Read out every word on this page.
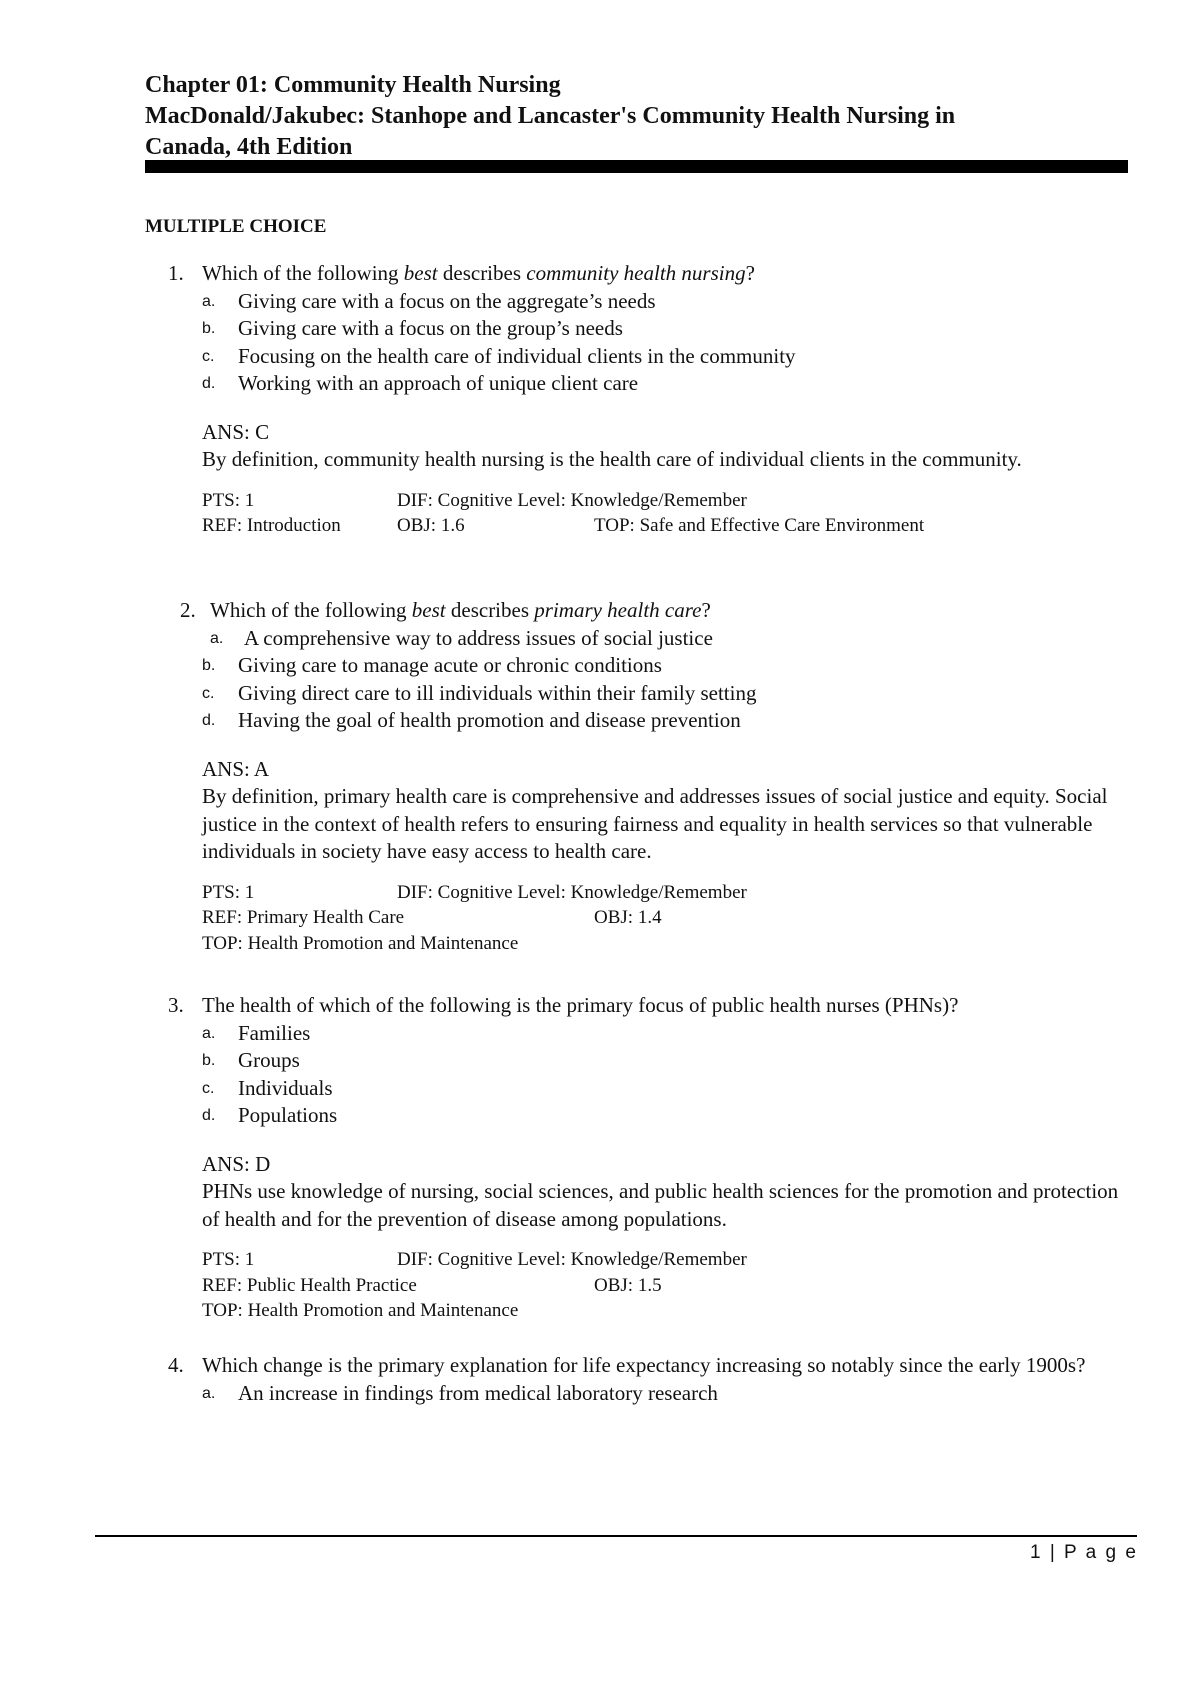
Chapter 01: Community Health Nursing

MacDonald/Jakubec: Stanhope and Lancaster's Community Health Nursing in

Canada, 4th Edition

MULTIPLE CHOICE
1. Which of the following best describes community health nursing?
a. Giving care with a focus on the aggregate’s needs
b. Giving care with a focus on the group’s needs
c. Focusing on the health care of individual clients in the community
d. Working with an approach of unique client care
ANS: C
By definition, community health nursing is the health care of individual clients in the community.
PTS: 1	DIF: Cognitive Level: Knowledge/Remember
REF: Introduction	OBJ: 1.6	TOP: Safe and Effective Care Environment
2. Which of the following best describes primary health care?
a. A comprehensive way to address issues of social justice
b. Giving care to manage acute or chronic conditions
c. Giving direct care to ill individuals within their family setting
d. Having the goal of health promotion and disease prevention
ANS: A
By definition, primary health care is comprehensive and addresses issues of social justice and equity. Social justice in the context of health refers to ensuring fairness and equality in health services so that vulnerable individuals in society have easy access to health care.
PTS: 1	DIF: Cognitive Level: Knowledge/Remember
REF: Primary Health Care	OBJ: 1.4
TOP: Health Promotion and Maintenance
3. The health of which of the following is the primary focus of public health nurses (PHNs)?
a. Families
b. Groups
c. Individuals
d. Populations
ANS: D
PHNs use knowledge of nursing, social sciences, and public health sciences for the promotion and protection of health and for the prevention of disease among populations.
PTS: 1	DIF: Cognitive Level: Knowledge/Remember
REF: Public Health Practice	OBJ: 1.5
TOP: Health Promotion and Maintenance
4. Which change is the primary explanation for life expectancy increasing so notably since the early 1900s?
a. An increase in findings from medical laboratory research
1 | P a g e
